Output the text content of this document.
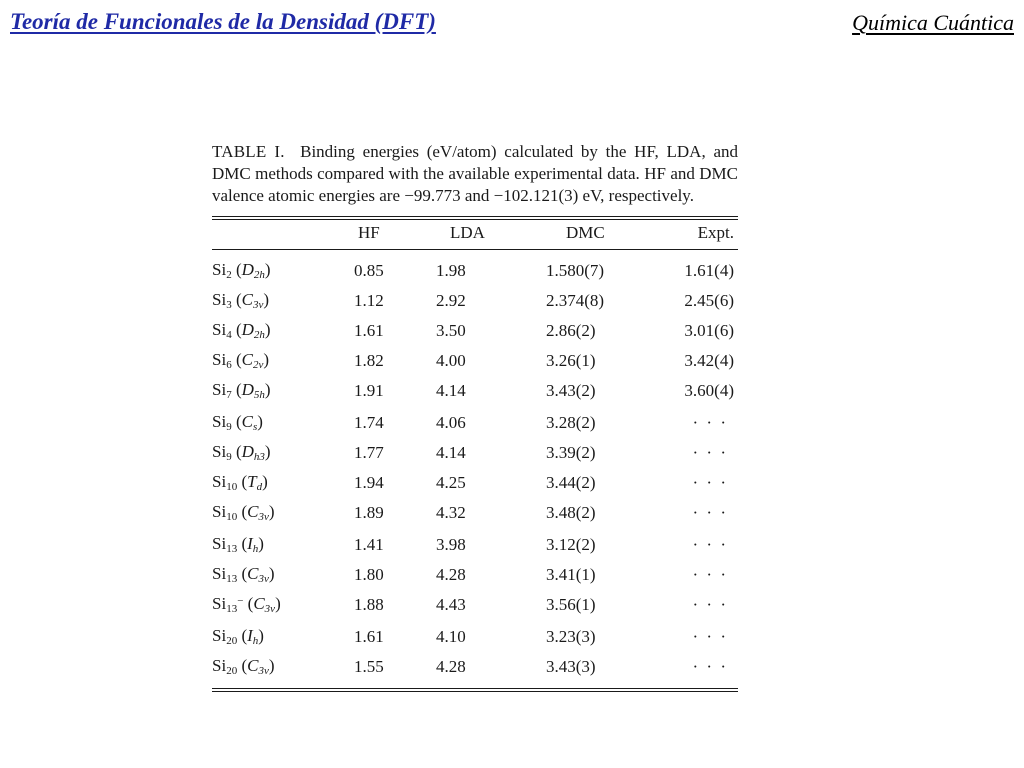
Teoría de Funcionales de la Densidad (DFT)	Química Cuántica

TABLE I. Binding energies (eV/atom) calculated by the HF, LDA, and DMC methods compared with the available experimental data. HF and DMC valence atomic energies are −99.773 and −102.121(3) eV, respectively.

	HF	LDA	DMC	Expt.
$Si_2$ $(D_{2h})$	0.85	1.98	1.580(7)	1.61(4)
$Si_3$ $(C_{3v})$	1.12	2.92	2.374(8)	2.45(6)
$Si_4$ $(D_{2h})$	1.61	3.50	2.86(2)	3.01(6)
$Si_6$ $(C_{2v})$	1.82	4.00	3.26(1)	3.42(4)
$Si_7$ $(D_{5h})$	1.91	4.14	3.43(2)	3.60(4)
$Si_9$ $(C_s)$	1.74	4.06	3.28(2)	· · ·
$Si_9$ $(D_{h3})$	1.77	4.14	3.39(2)	· · ·
$Si_{10}$ $(T_d)$	1.94	4.25	3.44(2)	· · ·
$Si_{10}$ $(C_{3v})$	1.89	4.32	3.48(2)	· · ·
$Si_{13}$ $(I_h)$	1.41	3.98	3.12(2)	· · ·
$Si_{13}$ $(C_{3v})$	1.80	4.28	3.41(1)	· · ·
$Si_{13}^-$ $(C_{3v})$	1.88	4.43	3.56(1)	· · ·
$Si_{20}$ $(I_h)$	1.61	4.10	3.23(3)	· · ·
$Si_{20}$ $(C_{3v})$	1.55	4.28	3.43(3)	· · ·
